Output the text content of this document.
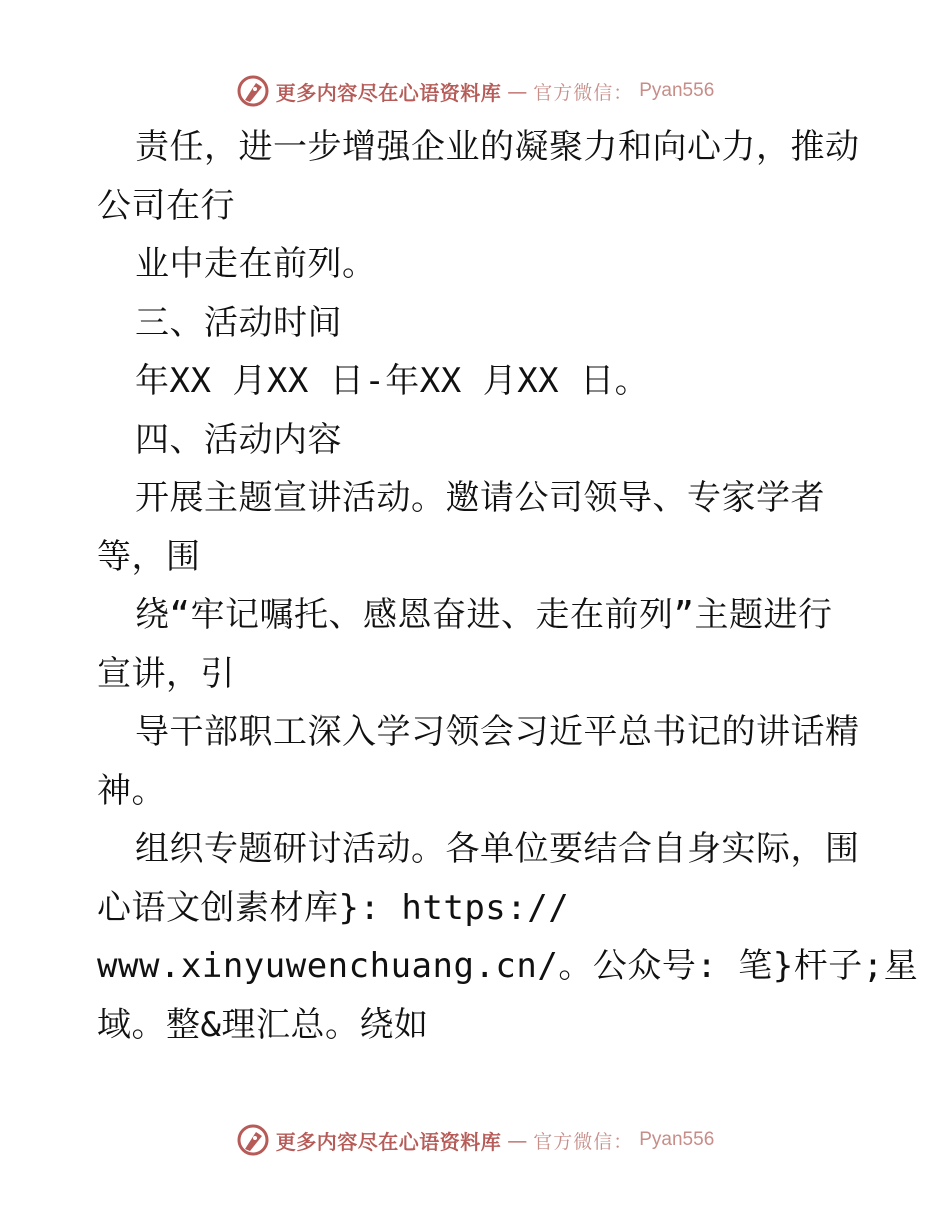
更多内容尽在心语资料库 — 官方微信： Pyan556
责任，进一步增强企业的凝聚力和向心力，推动
公司在行
业中走在前列。
三、活动时间
年XX 月XX 日-年XX 月XX 日。
四、活动内容
开展主题宣讲活动。邀请公司领导、专家学者
等，围
绕“牢记嘱托、感恩奋进、走在前列”主题进行
宣讲，引
导干部职工深入学习领会习近平总书记的讲话精
神。
组织专题研讨活动。各单位要结合自身实际，围
心语文创素材库}: https://
www.xinyuwenchuang.cn/。公众号: 笔}杆子;星
域。整&理汇总。绕如
更多内容尽在心语资料库 — 官方微信： Pyan556
